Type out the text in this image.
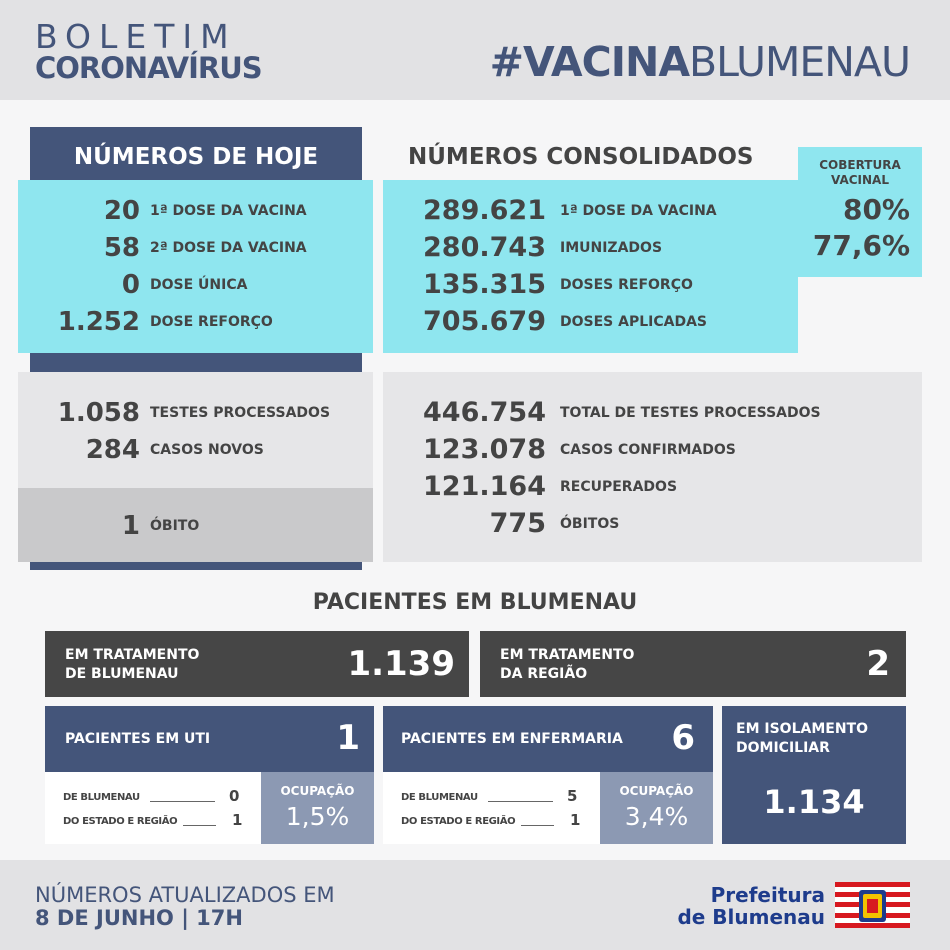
BOLETIM
CORONAVÍRUS	#VACINABLUMENAU
NÚMEROS DE HOJE
20 1ª DOSE DA VACINA
58 2ª DOSE DA VACINA
0 DOSE ÚNICA
1.252 DOSE REFORÇO
1.058 TESTES PROCESSADOS
284 CASOS NOVOS
1 ÓBITO
NÚMEROS CONSOLIDADOS	COBERTURA
VACINAL
80%
77,6%
289.621 1ª DOSE DA VACINA
280.743 IMUNIZADOS
135.315 DOSES REFORÇO
705.679 DOSES APLICADAS
446.754 TOTAL DE TESTES PROCESSADOS
123.078 CASOS CONFIRMADOS
121.164 RECUPERADOS
775 ÓBITOS
PACIENTES EM BLUMENAU
EM TRATAMENTO
DE BLUMENAU	1.139	EM TRATAMENTO
DA REGIÃO	2
PACIENTES EM UTI	1
DE BLUMENAU	0
DO ESTADO E REGIÃO	1
OCUPAÇÃO
1,5%
PACIENTES EM ENFERMARIA	6
DE BLUMENAU	5
DO ESTADO E REGIÃO	1
OCUPAÇÃO
3,4%
EM ISOLAMENTO
DOMICILIAR
1.134
NÚMEROS ATUALIZADOS EM
8 DE JUNHO | 17H
Prefeitura
de Blumenau
